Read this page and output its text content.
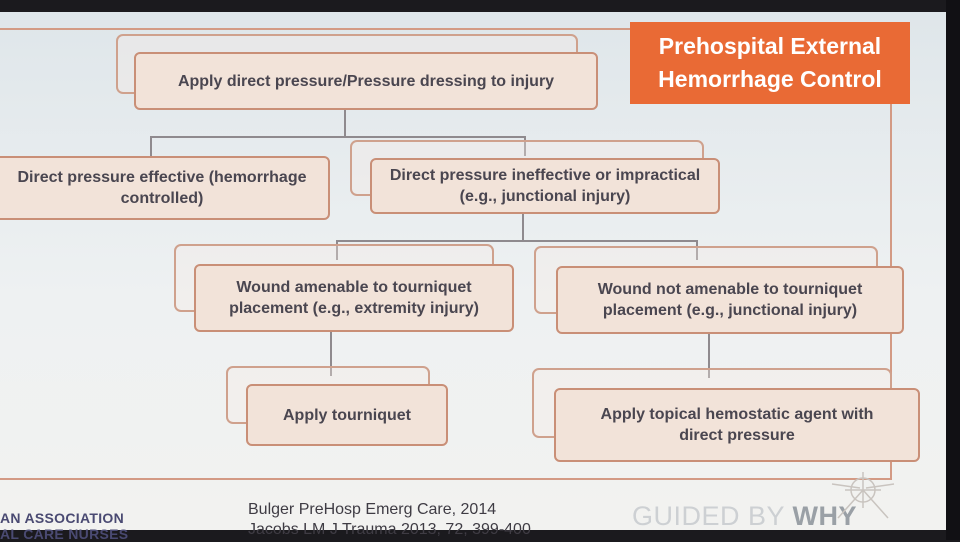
Apply direct pressure/Pressure dressing to injury
Direct pressure effective (hemorrhage
controlled)
Direct pressure ineffective or impractical
(e.g., junctional injury)
Wound amenable to tourniquet
placement (e.g., extremity injury)
Wound not amenable to tourniquet
placement (e.g., junctional injury)
Apply tourniquet	Apply topical hemostatic agent with
direct pressure
Prehospital External
Hemorrhage Control
AN ASSOCIATION
AL CARE NURSES
Bulger PreHosp Emerg Care, 2014
Jacobs LM J Trauma 2013, 72, 399-400	GUIDED BY WHY
